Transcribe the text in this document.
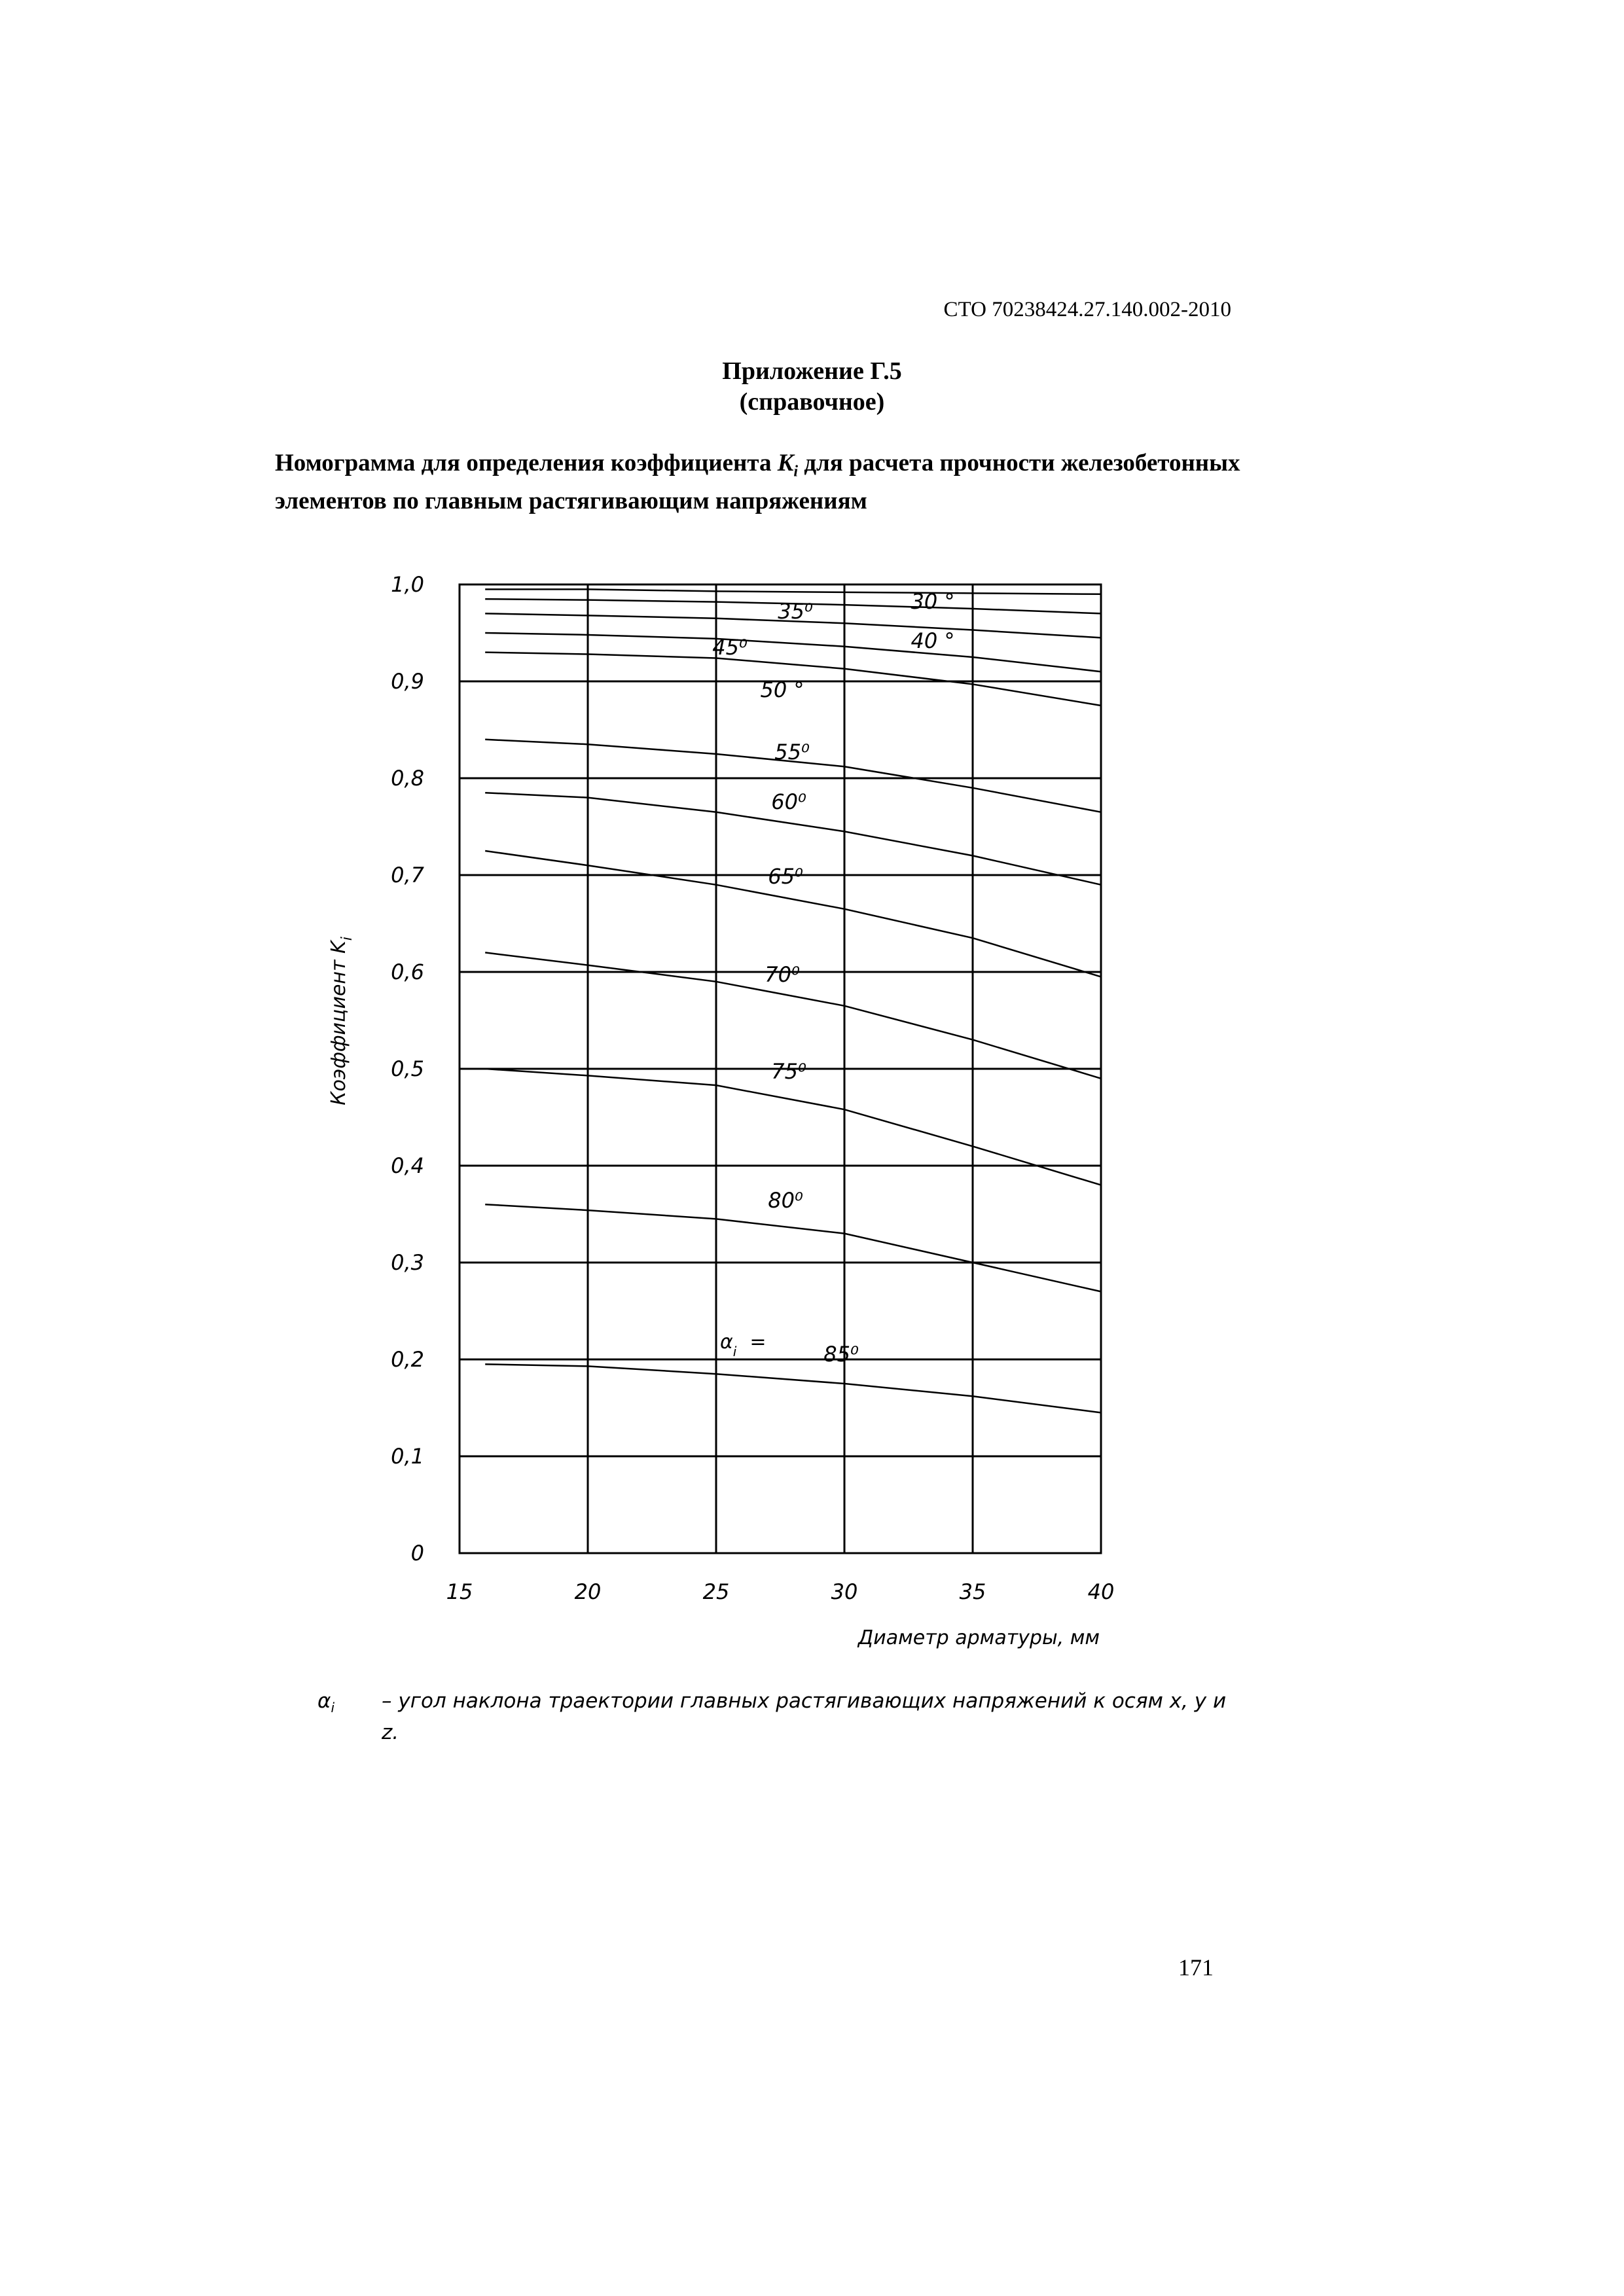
СТО 70238424.27.140.002-2010
Приложение Г.5
(справочное)
Номограмма для определения коэффициента $K_i$ для расчета прочности железобетонных элементов по главным растягивающим напряжениям
30 °
35⁰
40 °
45⁰
50 °
55⁰
60⁰
65⁰
70⁰
75⁰
80⁰
$\alpha_i$ =	85⁰
15	20	25	30	35	40
0
0,1
0,2
0,3
0,4
0,5
0,6
0,7
0,8
0,9
1,0
Диаметр арматуры, мм
Коэффициент $K_i$
$\alpha_i$ – угол наклона траектории главных растягивающих напряжений к осям x, y и z.
171
